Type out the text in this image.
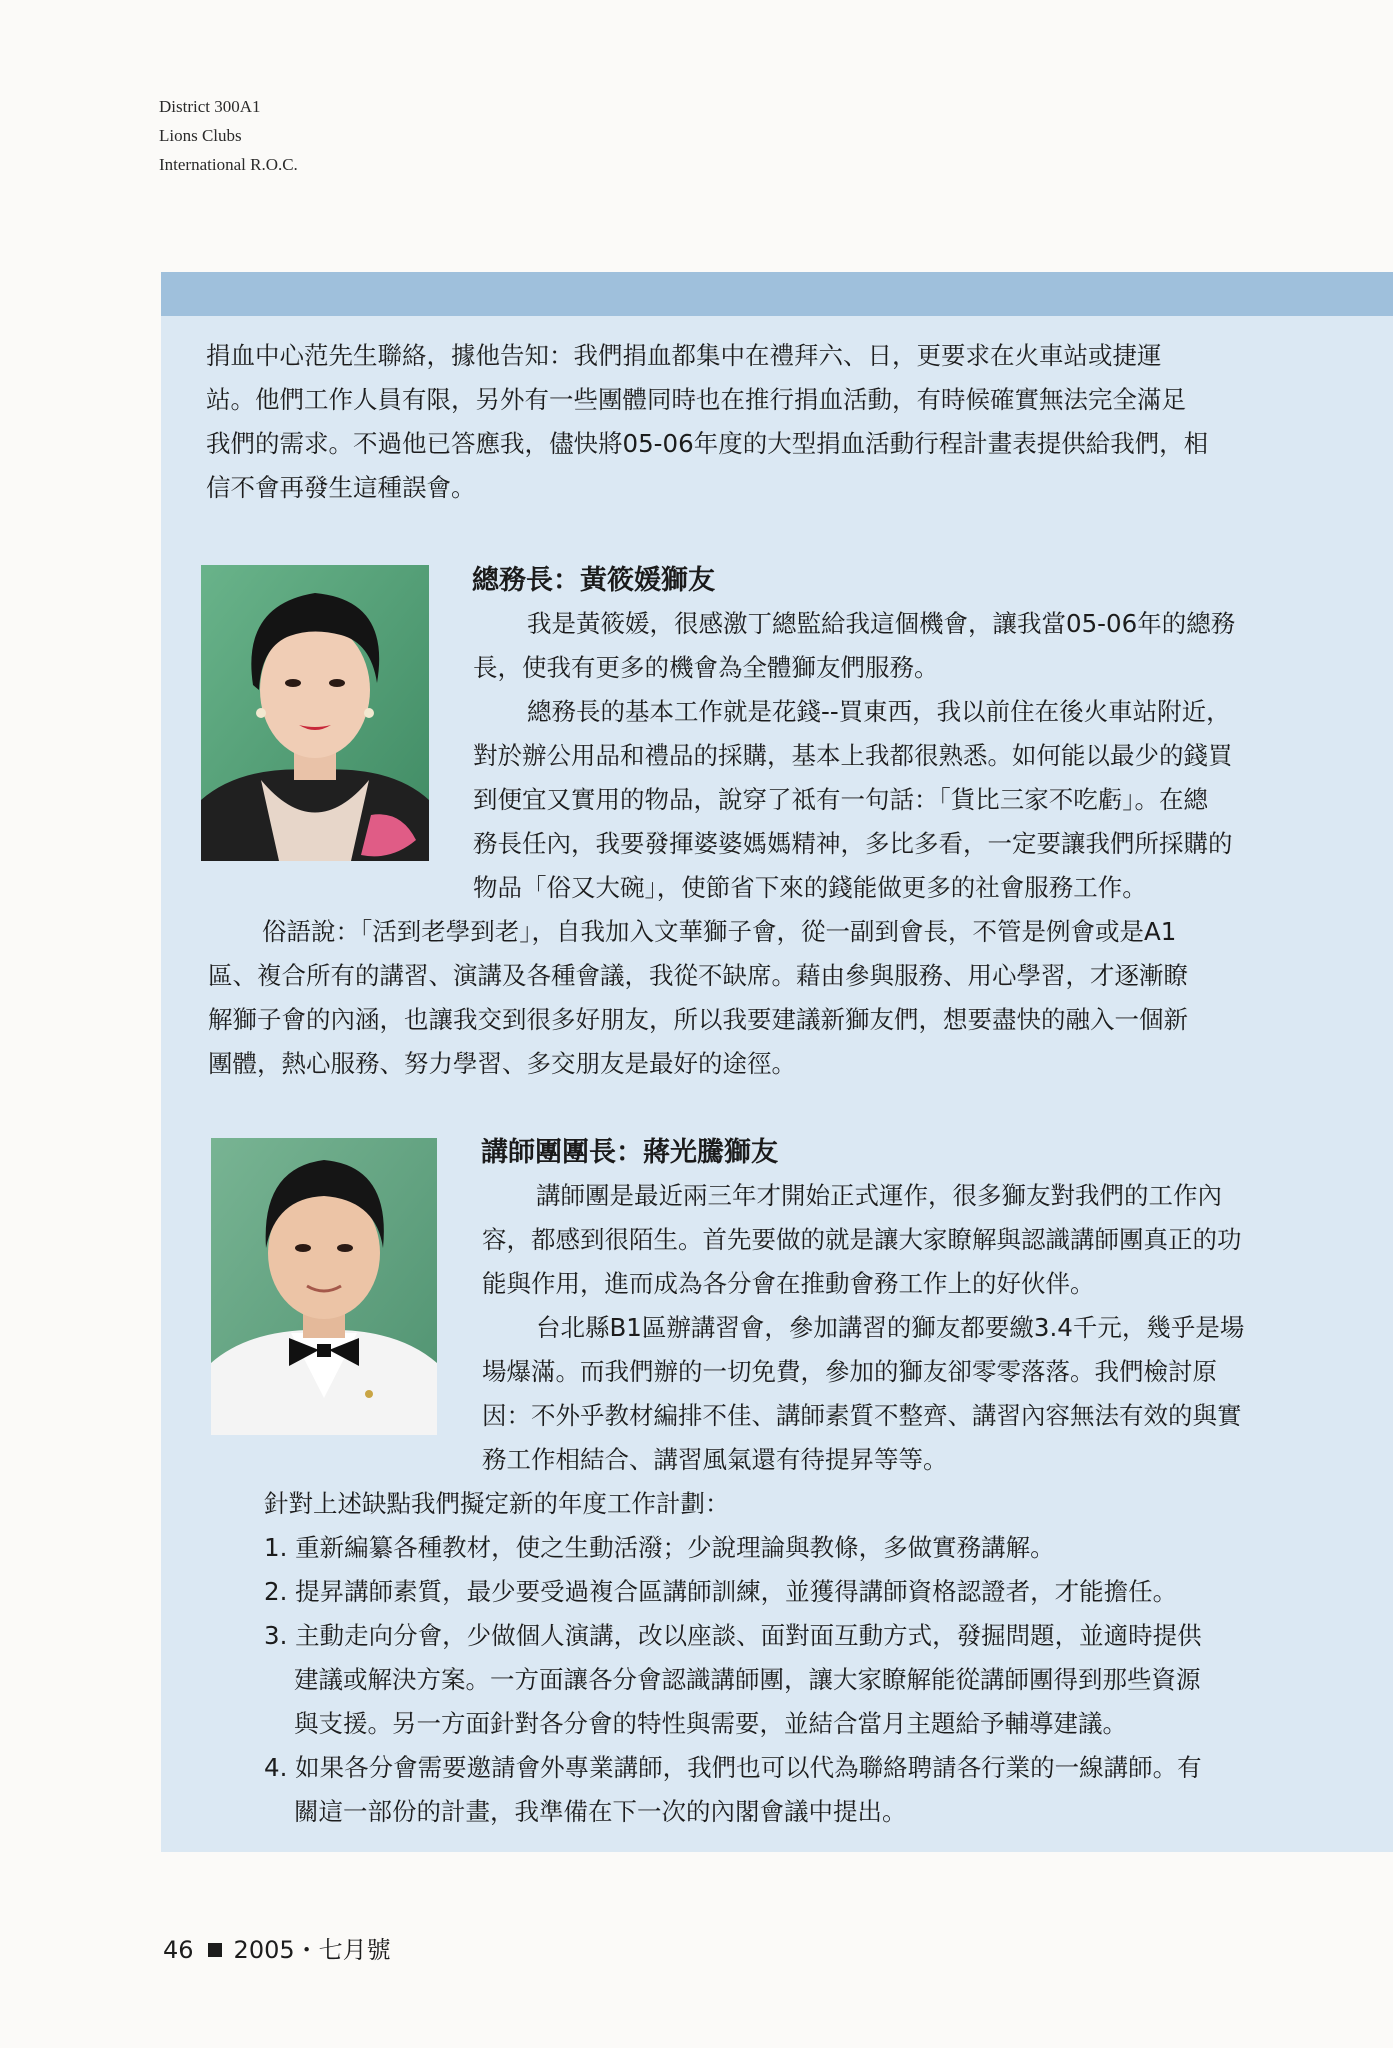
District 300A1
Lions Clubs
International R.O.C.
捐血中心范先生聯絡，據他告知：我們捐血都集中在禮拜六、日，更要求在火車站或捷運
站。他們工作人員有限，另外有一些團體同時也在推行捐血活動，有時候確實無法完全滿足
我們的需求。不過他已答應我，儘快將05-06年度的大型捐血活動行程計畫表提供給我們，相
信不會再發生這種誤會。
總務長：黃筱媛獅友
我是黃筱媛，很感激丁總監給我這個機會，讓我當05-06年的總務
長，使我有更多的機會為全體獅友們服務。
總務長的基本工作就是花錢--買東西，我以前住在後火車站附近，
對於辦公用品和禮品的採購，基本上我都很熟悉。如何能以最少的錢買
到便宜又實用的物品，說穿了祗有一句話：「貨比三家不吃虧」。在總
務長任內，我要發揮婆婆媽媽精神，多比多看，一定要讓我們所採購的
物品「俗又大碗」，使節省下來的錢能做更多的社會服務工作。
俗語說：「活到老學到老」，自我加入文華獅子會，從一副到會長，不管是例會或是A1
區、複合所有的講習、演講及各種會議，我從不缺席。藉由參與服務、用心學習，才逐漸瞭
解獅子會的內涵，也讓我交到很多好朋友，所以我要建議新獅友們，想要盡快的融入一個新
團體，熱心服務、努力學習、多交朋友是最好的途徑。
講師團團長：蔣光騰獅友
講師團是最近兩三年才開始正式運作，很多獅友對我們的工作內
容，都感到很陌生。首先要做的就是讓大家瞭解與認識講師團真正的功
能與作用，進而成為各分會在推動會務工作上的好伙伴。
台北縣B1區辦講習會，參加講習的獅友都要繳3.4千元，幾乎是場
場爆滿。而我們辦的一切免費，參加的獅友卻零零落落。我們檢討原
因：不外乎教材編排不佳、講師素質不整齊、講習內容無法有效的與實
務工作相結合、講習風氣還有待提昇等等。
針對上述缺點我們擬定新的年度工作計劃：
1. 重新編纂各種教材，使之生動活潑；少說理論與教條，多做實務講解。
2. 提昇講師素質，最少要受過複合區講師訓練，並獲得講師資格認證者，才能擔任。
3. 主動走向分會，少做個人演講，改以座談、面對面互動方式，發掘問題，並適時提供
建議或解決方案。一方面讓各分會認識講師團，讓大家瞭解能從講師團得到那些資源
與支援。另一方面針對各分會的特性與需要，並結合當月主題給予輔導建議。
4. 如果各分會需要邀請會外專業講師，我們也可以代為聯絡聘請各行業的一線講師。有
關這一部份的計畫，我準備在下一次的內閣會議中提出。
46 2005・七月號
